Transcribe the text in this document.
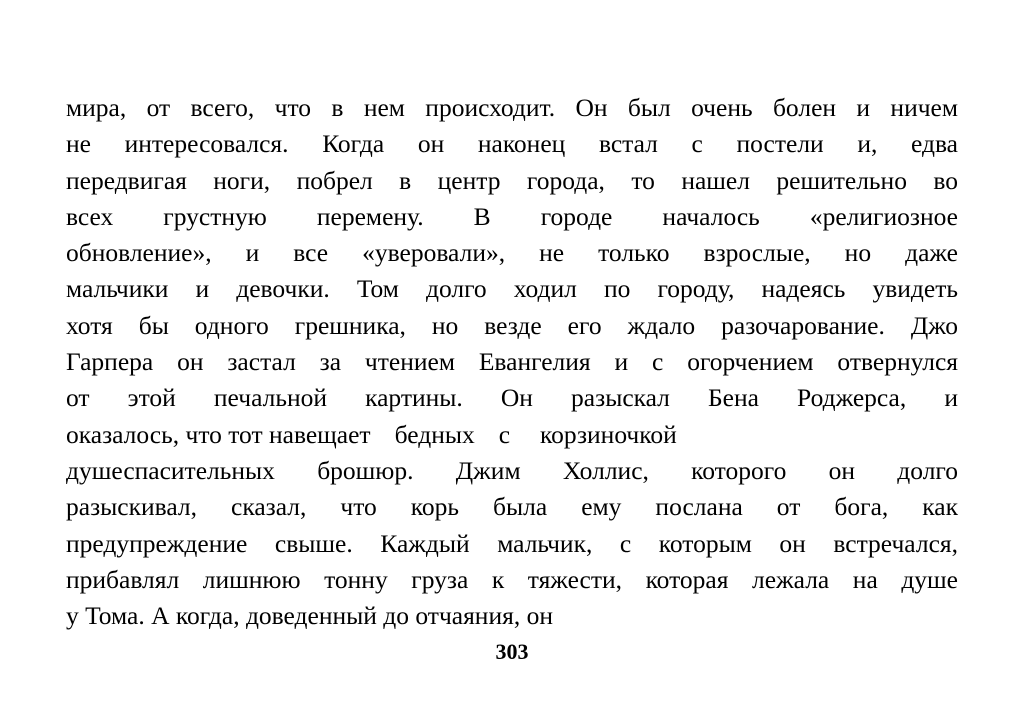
мира, от всего, что в нем происходит. Он был очень болен и ничем
не интересовался. Когда он наконец встал с постели и, едва
передвигая ноги, побрел в центр города, то нашел решительно во
всех грустную перемену. В городе началось «религиозное
обновление», и все «уверовали», не только взрослые, но даже
мальчики и девочки. Том долго ходил по городу, надеясь увидеть
хотя бы одного грешника, но везде его ждало разочарование. Джо
Гарпера он застал за чтением Евангелия и с огорчением отвернулся
от этой печальной картины. Он разыскал Бена Роджерса, и
оказалось, что тот навещает бедных с корзиночкой
душеспасительных брошюр. Джим Холлис, которого он долго
разыскивал, сказал, что корь была ему послана от бога, как
предупреждение свыше. Каждый мальчик, с которым он встречался,
прибавлял лишнюю тонну груза к тяжести, которая лежала на душе
у Тома. А когда, доведенный до отчаяния, он
303
